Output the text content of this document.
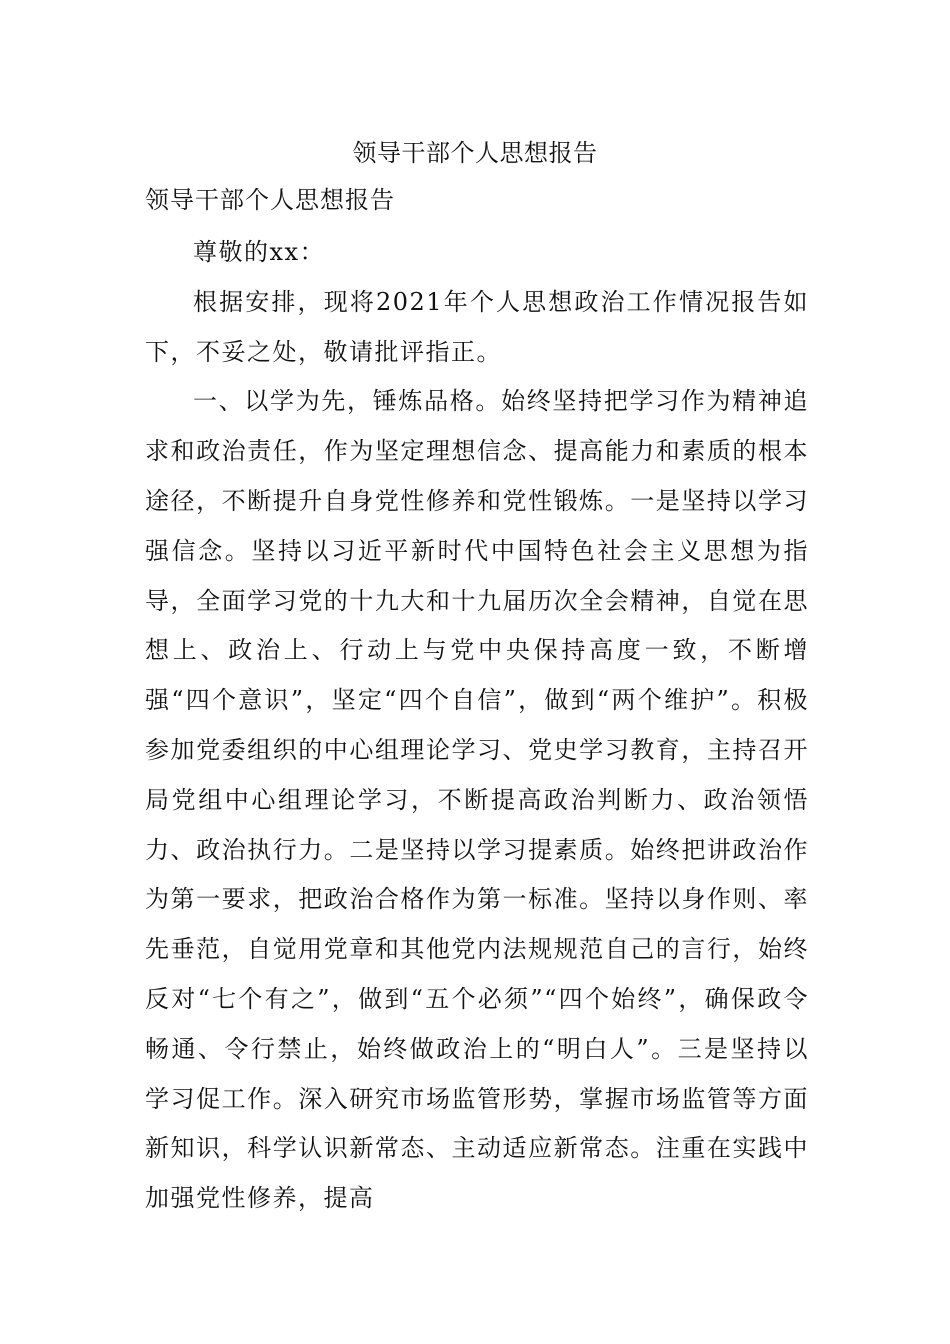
领导干部个人思想报告
领导干部个人思想报告

尊敬的xx：

根据安排，现将2021年个人思想政治工作情况报告如下，不妥之处，敬请批评指正。

一、以学为先，锤炼品格。始终坚持把学习作为精神追求和政治责任，作为坚定理想信念、提高能力和素质的根本途径，不断提升自身党性修养和党性锻炼。一是坚持以学习强信念。坚持以习近平新时代中国特色社会主义思想为指导，全面学习党的十九大和十九届历次全会精神，自觉在思想上、政治上、行动上与党中央保持高度一致，不断增强“四个意识”，坚定“四个自信”，做到“两个维护”。积极参加党委组织的中心组理论学习、党史学习教育，主持召开局党组中心组理论学习，不断提高政治判断力、政治领悟力、政治执行力。二是坚持以学习提素质。始终把讲政治作为第一要求，把政治合格作为第一标准。坚持以身作则、率先垂范，自觉用党章和其他党内法规规范自己的言行，始终反对“七个有之”，做到“五个必须”“四个始终”，确保政令畅通、令行禁止，始终做政治上的“明白人”。三是坚持以学习促工作。深入研究市场监管形势，掌握市场监管等方面新知识，科学认识新常态、主动适应新常态。注重在实践中加强党性修养，提高
